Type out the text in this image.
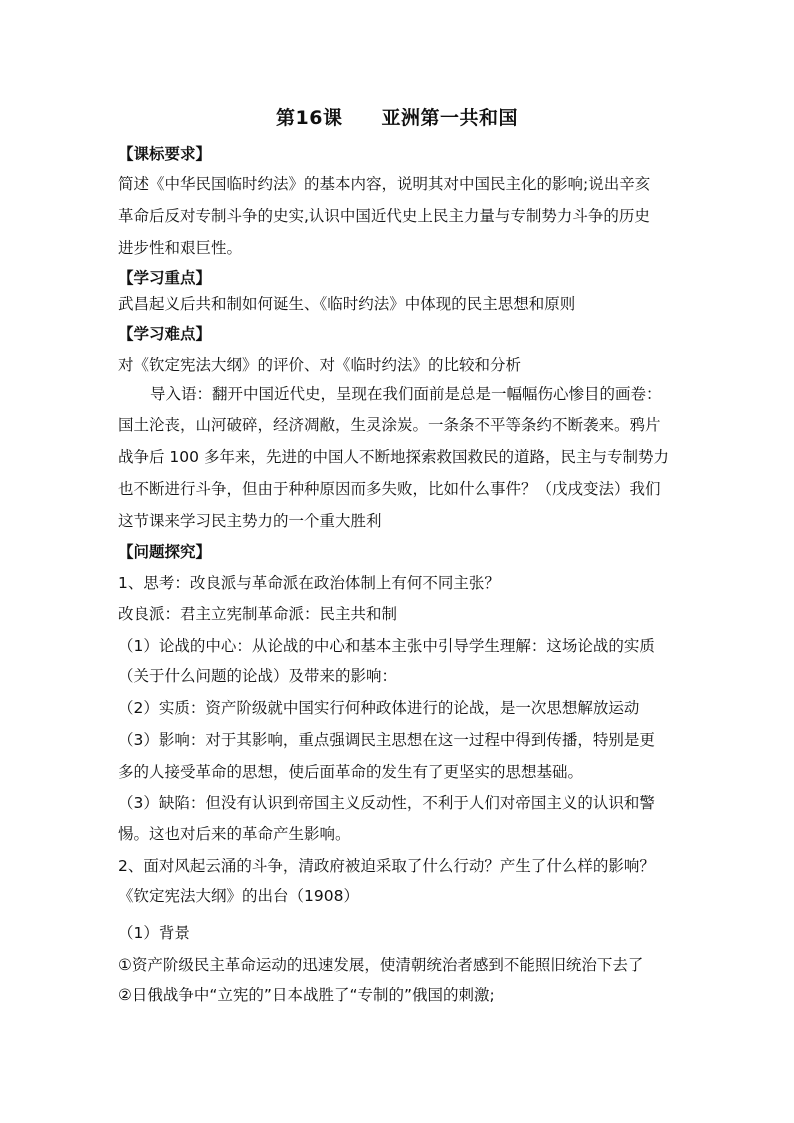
第16课　　亚洲第一共和国
【课标要求】
简述《中华民国临时约法》的基本内容，说明其对中国民主化的影响;说出辛亥
革命后反对专制斗争的史实,认识中国近代史上民主力量与专制势力斗争的历史
进步性和艰巨性。
【学习重点】
武昌起义后共和制如何诞生、《临时约法》中体现的民主思想和原则
【学习难点】
对《钦定宪法大纲》的评价、对《临时约法》的比较和分析
导入语：翻开中国近代史，呈现在我们面前是总是一幅幅伤心惨目的画卷：
国土沦丧，山河破碎，经济凋敝，生灵涂炭。一条条不平等条约不断袭来。鸦片
战争后 100 多年来，先进的中国人不断地探索救国救民的道路，民主与专制势力
也不断进行斗争，但由于种种原因而多失败，比如什么事件？（戊戌变法）我们
这节课来学习民主势力的一个重大胜利
【问题探究】
1、思考：改良派与革命派在政治体制上有何不同主张？
改良派：君主立宪制革命派：民主共和制
（1）论战的中心：从论战的中心和基本主张中引导学生理解：这场论战的实质
（关于什么问题的论战）及带来的影响：
（2）实质：资产阶级就中国实行何种政体进行的论战，是一次思想解放运动
（3）影响：对于其影响，重点强调民主思想在这一过程中得到传播，特别是更
多的人接受革命的思想，使后面革命的发生有了更坚实的思想基础。
（3）缺陷：但没有认识到帝国主义反动性，不利于人们对帝国主义的认识和警
惕。这也对后来的革命产生影响。
2、面对风起云涌的斗争，清政府被迫采取了什么行动？产生了什么样的影响？
《钦定宪法大纲》的出台（1908）
（1）背景
①资产阶级民主革命运动的迅速发展，使清朝统治者感到不能照旧统治下去了
②日俄战争中“立宪的”日本战胜了“专制的”俄国的刺激;
